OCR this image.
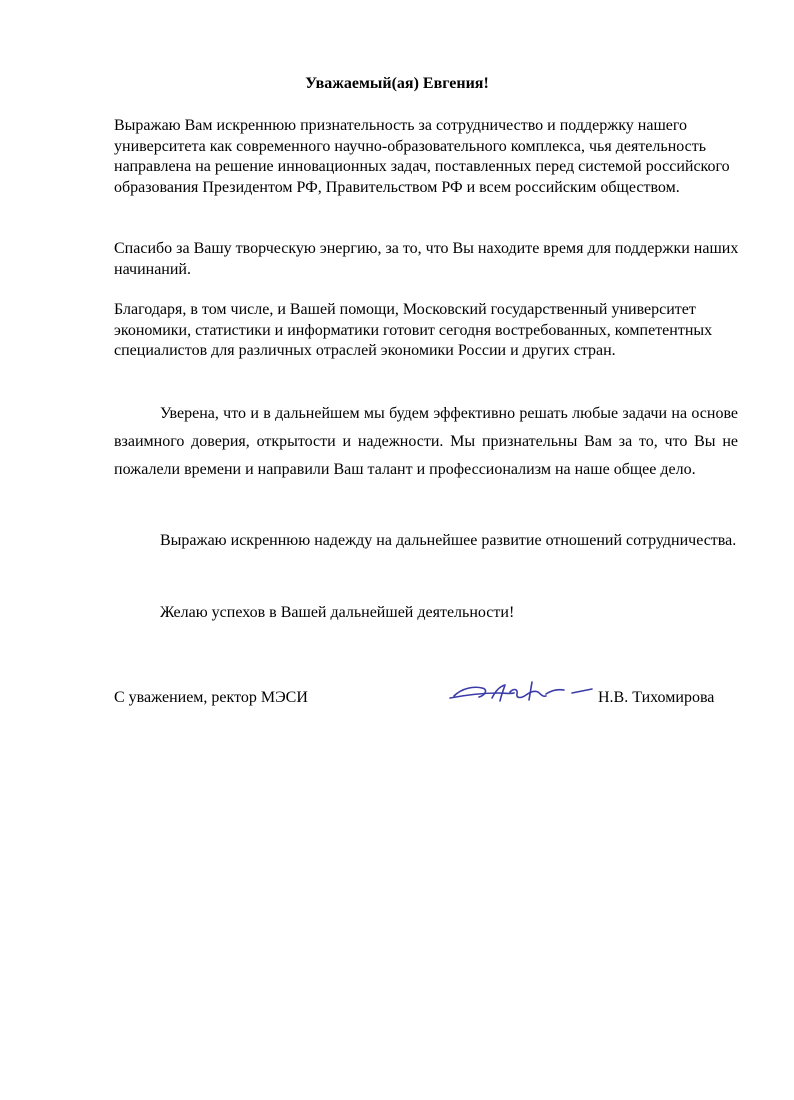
Уважаемый(ая) Евгения!

Выражаю Вам искреннюю признательность за сотрудничество и поддержку нашего университета как современного научно-образовательного комплекса, чья деятельность направлена на решение инновационных задач, поставленных перед системой российского образования Президентом РФ, Правительством РФ и всем российским обществом.

Спасибо за Вашу творческую энергию, за то, что Вы находите время для поддержки наших начинаний.

Благодаря, в том числе, и Вашей помощи, Московский государственный университет экономики, статистики и информатики готовит сегодня востребованных, компетентных специалистов для различных отраслей экономики России и других стран.

Уверена, что и в дальнейшем мы будем эффективно решать любые задачи на основе взаимного доверия, открытости и надежности. Мы признательны Вам за то, что Вы не пожалели времени и направили Ваш талант и профессионализм на наше общее дело.

Выражаю искреннюю надежду на дальнейшее развитие отношений сотрудничества.

Желаю успехов в Вашей дальнейшей деятельности!

С уважением, ректор МЭСИ	Н.В. Тихомирова
